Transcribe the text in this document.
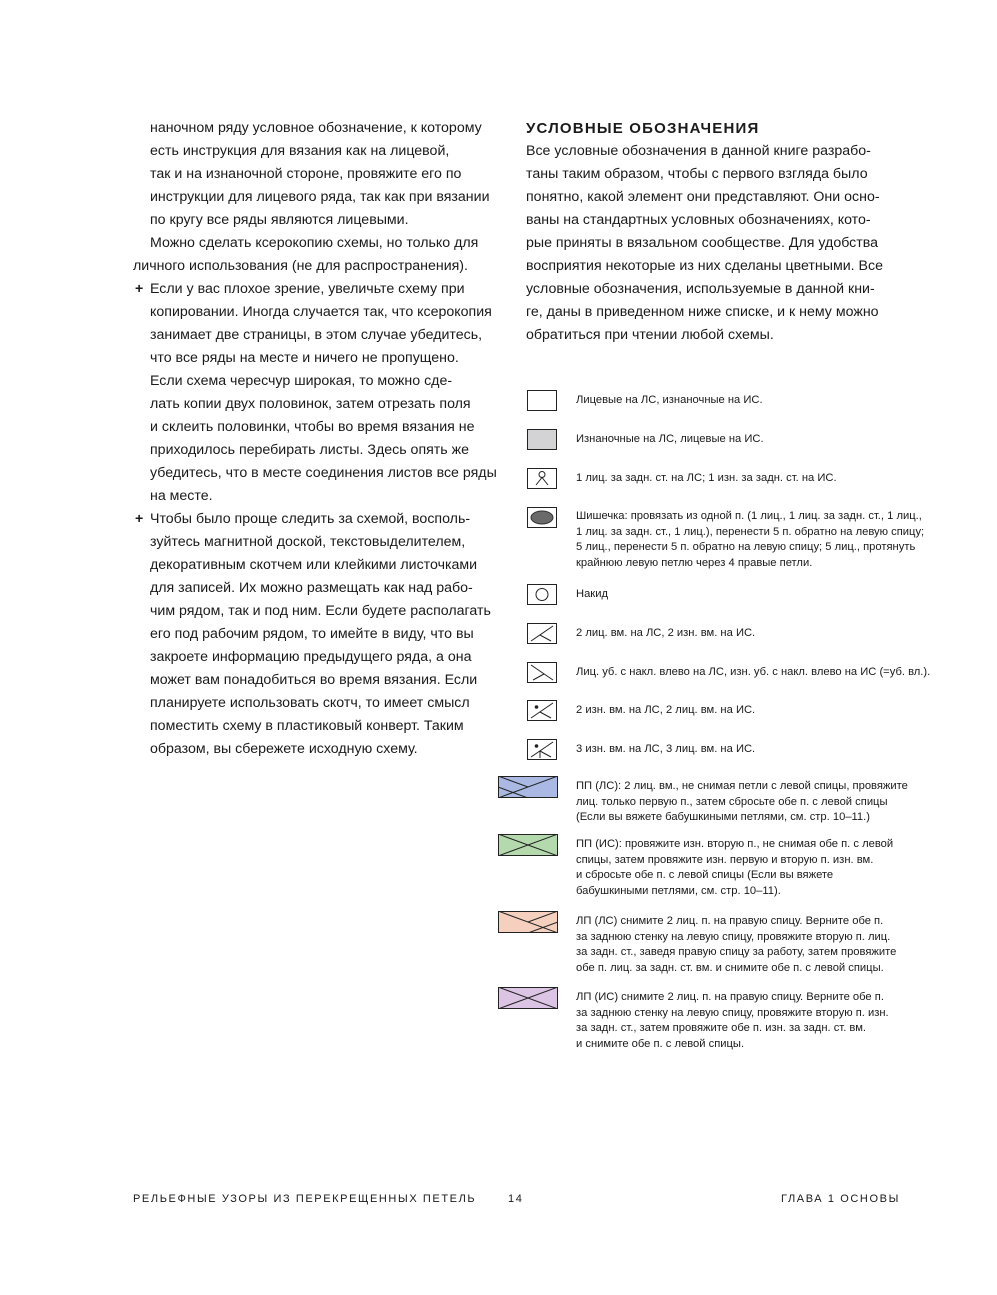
наночном ряду условное обозначение, к которому
есть инструкция для вязания как на лицевой,
так и на изнаночной стороне, провяжите его по
инструкции для лицевого ряда, так как при вязании
по кругу все ряды являются лицевыми.
Можно сделать ксерокопию схемы, но только для
личного использования (не для распространения).
+ Если у вас плохое зрение, увеличьте схему при
копировании. Иногда случается так, что ксерокопия
занимает две страницы, в этом случае убедитесь,
что все ряды на месте и ничего не пропущено.
Если схема чересчур широкая, то можно сде-
лать копии двух половинок, затем отрезать поля
и склеить половинки, чтобы во время вязания не
приходилось перебирать листы. Здесь опять же
убедитесь, что в месте соединения листов все ряды
на месте.
+ Чтобы было проще следить за схемой, восполь-
зуйтесь магнитной доской, текстовыделителем,
декоративным скотчем или клейкими листочками
для записей. Их можно размещать как над рабо-
чим рядом, так и под ним. Если будете располагать
его под рабочим рядом, то имейте в виду, что вы
закроете информацию предыдущего ряда, а она
может вам понадобиться во время вязания. Если
планируете использовать скотч, то имеет смысл
поместить схему в пластиковый конверт. Таким
образом, вы сбережете исходную схему.
УСЛОВНЫЕ ОБОЗНАЧЕНИЯ
Все условные обозначения в данной книге разрабо-
таны таким образом, чтобы с первого взгляда было
понятно, какой элемент они представляют. Они осно-
ваны на стандартных условных обозначениях, кото-
рые приняты в вязальном сообществе. Для удобства
восприятия некоторые из них сделаны цветными. Все
условные обозначения, используемые в данной кни-
ге, даны в приведенном ниже списке, и к нему можно
обратиться при чтении любой схемы.
Лицевые на ЛС, изнаночные на ИС.
Изнаночные на ЛС, лицевые на ИС.
1 лиц. за задн. ст. на ЛС; 1 изн. за задн. ст. на ИС.
Шишечка: провязать из одной п. (1 лиц., 1 лиц. за задн. ст., 1 лиц.,
1 лиц. за задн. ст., 1 лиц.), перенести 5 п. обратно на левую спицу;
5 лиц., перенести 5 п. обратно на левую спицу; 5 лиц., протянуть
крайнюю левую петлю через 4 правые петли.
Накид
2 лиц. вм. на ЛС, 2 изн. вм. на ИС.
Лиц. уб. с накл. влево на ЛС, изн. уб. с накл. влево на ИС (=уб. вл.).
2 изн. вм. на ЛС, 2 лиц. вм. на ИС.
3 изн. вм. на ЛС, 3 лиц. вм. на ИС.
ПП (ЛС): 2 лиц. вм., не снимая петли с левой спицы, провяжите
лиц. только первую п., затем сбросьте обе п. с левой спицы
(Если вы вяжете бабушкиными петлями, см. стр. 10–11.)
ПП (ИС): провяжите изн. вторую п., не снимая обе п. с левой
спицы, затем провяжите изн. первую и вторую п. изн. вм.
и сбросьте обе п. с левой спицы (Если вы вяжете
бабушкиными петлями, см. стр. 10–11).
ЛП (ЛС) снимите 2 лиц. п. на правую спицу. Верните обе п.
за заднюю стенку на левую спицу, провяжите вторую п. лиц.
за задн. ст., заведя правую спицу за работу, затем провяжите
обе п. лиц. за задн. ст. вм. и снимите обе п. с левой спицы.
ЛП (ИС) снимите 2 лиц. п. на правую спицу. Верните обе п.
за заднюю стенку на левую спицу, провяжите вторую п. изн.
за задн. ст., затем провяжите обе п. изн. за задн. ст. вм.
и снимите обе п. с левой спицы.
РЕЛЬЕФНЫЕ УЗОРЫ ИЗ ПЕРЕКРЕЩЕННЫХ ПЕТЕЛЬ	14	ГЛАВА 1 ОСНОВЫ
